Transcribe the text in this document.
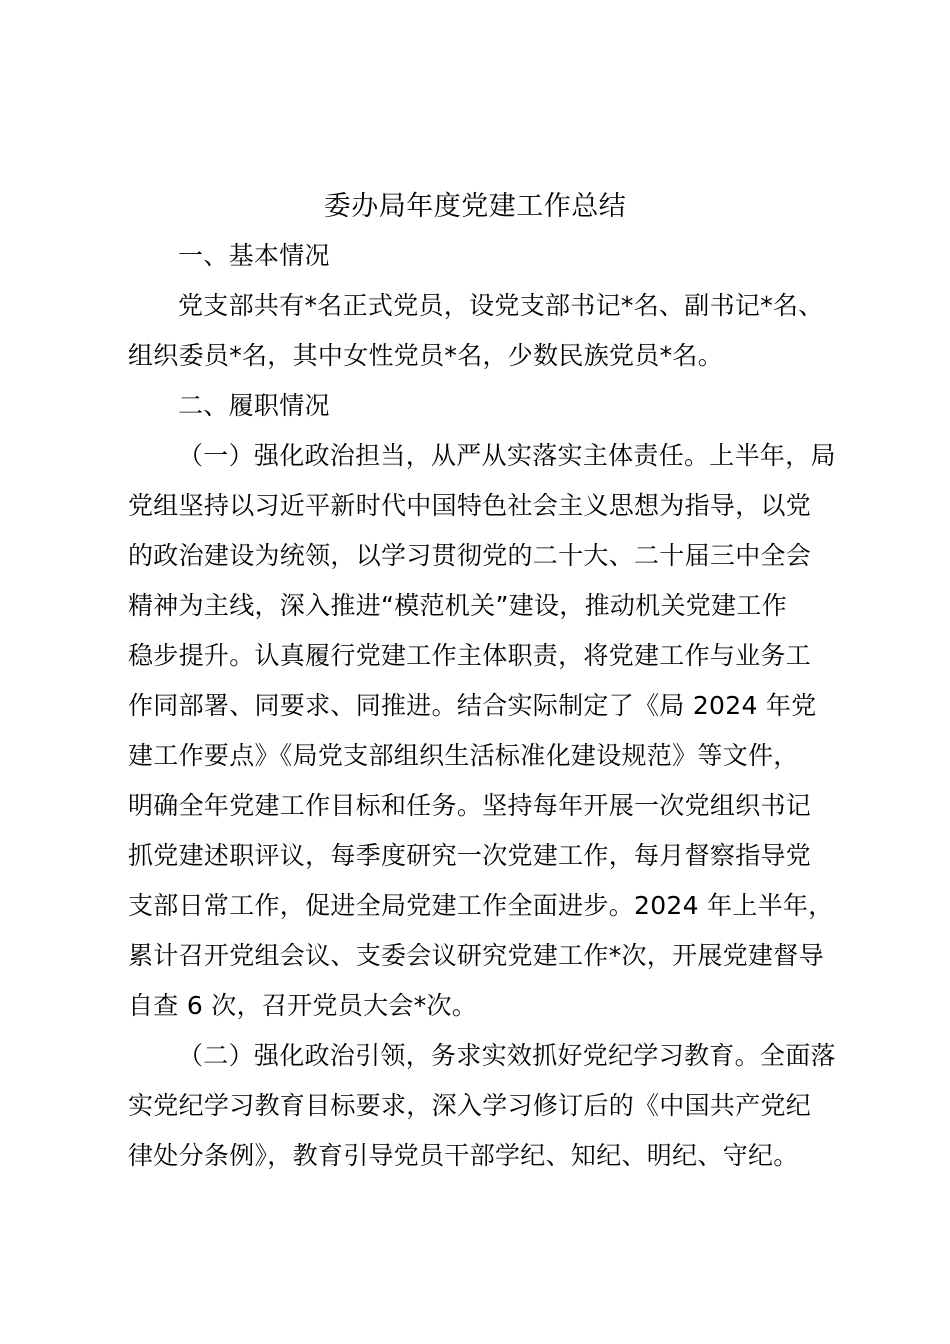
委办局年度党建工作总结
一、基本情况
党支部共有*名正式党员，设党支部书记*名、副书记*名、
组织委员*名，其中女性党员*名，少数民族党员*名。
二、履职情况
（一）强化政治担当，从严从实落实主体责任。上半年，局
党组坚持以习近平新时代中国特色社会主义思想为指导，以党
的政治建设为统领，以学习贯彻党的二十大、二十届三中全会
精神为主线，深入推进“模范机关”建设，推动机关党建工作
稳步提升。认真履行党建工作主体职责，将党建工作与业务工
作同部署、同要求、同推进。结合实际制定了《局 2024 年党
建工作要点》《局党支部组织生活标准化建设规范》等文件，
明确全年党建工作目标和任务。坚持每年开展一次党组织书记
抓党建述职评议，每季度研究一次党建工作，每月督察指导党
支部日常工作，促进全局党建工作全面进步。2024 年上半年，
累计召开党组会议、支委会议研究党建工作*次，开展党建督导
自查 6 次，召开党员大会*次。
（二）强化政治引领，务求实效抓好党纪学习教育。全面落
实党纪学习教育目标要求，深入学习修订后的《中国共产党纪
律处分条例》，教育引导党员干部学纪、知纪、明纪、守纪。
